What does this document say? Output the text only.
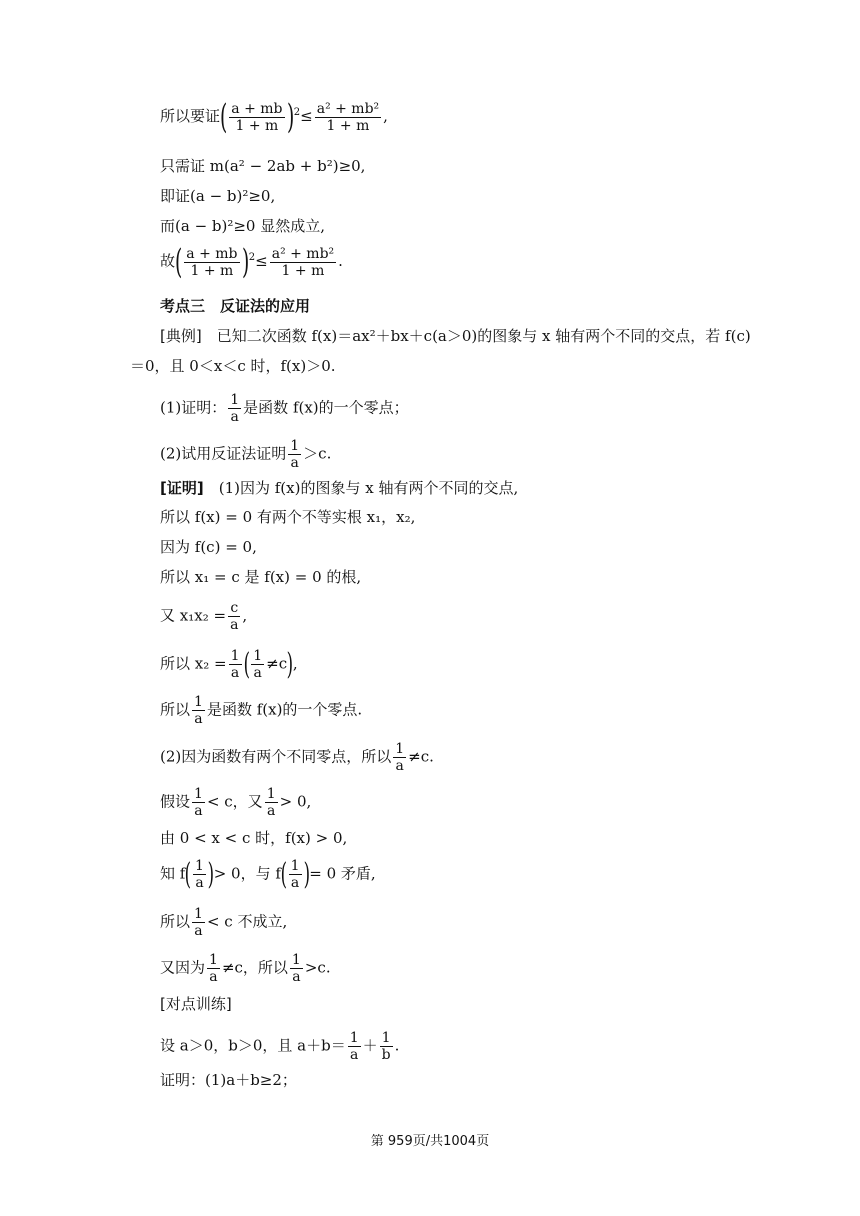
所以要证( $\frac{a + mb}{1 + m} )^2\le \frac{\text{a² + mb²}}{1 + m}$ ,
只需证 m(a² − 2ab + b²)≥0,
即证(a − b)²≥0,
而(a − b)²≥0 显然成立,
故( $\frac{a + mb}{1 + m} )^2\le \frac{\text{a² + mb²}}{1 + m}$ .
考点三　反证法的应用
[典例]　已知二次函数 f(x)＝ax²＋bx＋c(a＞0)的图象与 x 轴有两个不同的交点，若 f(c)
＝0，且 0＜x＜c 时，f(x)＞0.
(1)证明： $\frac{1}{a}$ 是函数 f(x)的一个零点；
(2)试用反证法证明 $\frac{1}{a} >c$.
[证明]　(1)因为 f(x)的图象与 x 轴有两个不同的交点,
所以 f(x) = 0 有两个不等实根 x₁，x₂,
因为 f(c) = 0,
所以 x₁ = c 是 f(x) = 0 的根,
又 $x_1x_2 = \frac{c}{a}$ ,
所以 $x_2 = \frac{1}{a}$ ( $\frac{1}{a} \ne c$),
所以 $\frac{1}{a}$ 是函数 f(x)的一个零点.
(2)因为函数有两个不同零点，所以 $\frac{1}{a} \ne c$.
假设 $\frac{1}{a} < c$，又 $\frac{1}{a} > 0$,
由 0 < x < c 时，f(x) > 0,
知 $f( \frac{1}{a}$ )> 0，与 $f( \frac{1}{a}$ )= 0 矛盾,
所以 $\frac{1}{a} < c$ 不成立,
又因为 $\frac{1}{a} \ne c$，所以 $\frac{1}{a} >c$.
[对点训练]
设 a＞0，b＞0，且 $a+b= \frac{1}{a} + \frac{1}{b}$ .
证明：(1)a＋b≥2；
第 959页/共1004页
